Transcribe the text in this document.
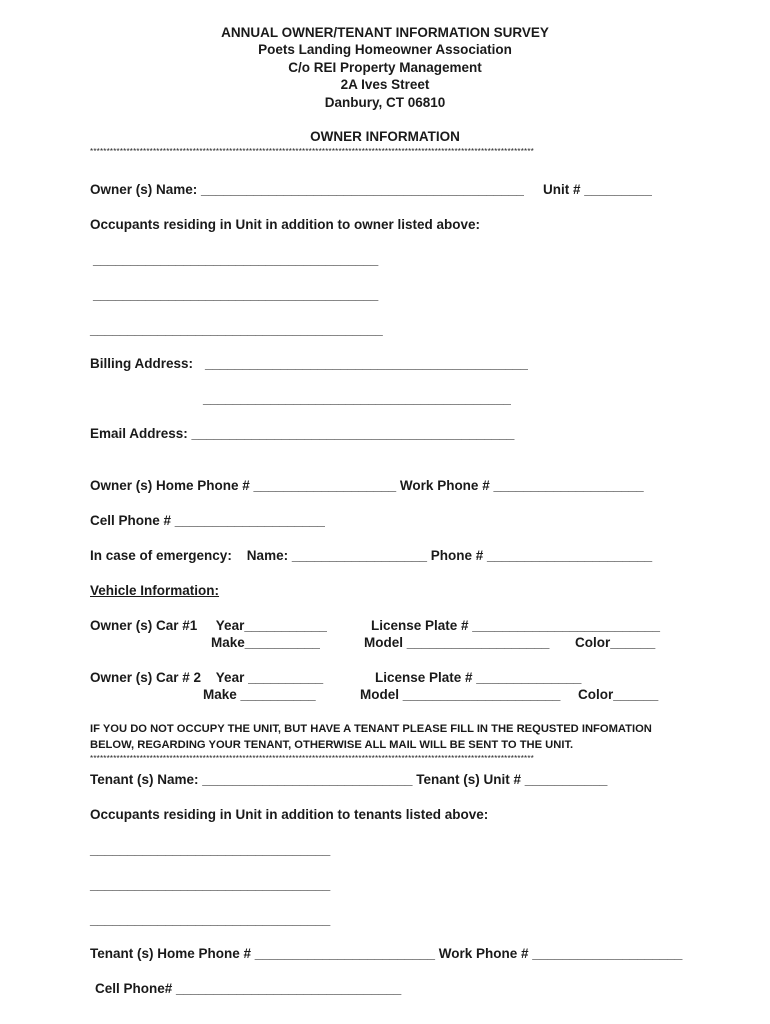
ANNUAL OWNER/TENANT INFORMATION SURVEY
Poets Landing Homeowner Association
C/o REI Property Management
2A Ives Street
Danbury, CT 06810
OWNER INFORMATION
**************************************************************************************************************************************
Owner (s) Name: ___________________________________________ Unit # _________
Occupants residing in Unit in addition to owner listed above:
______________________________________
______________________________________
_______________________________________
Billing Address: ___________________________________________
_________________________________________
Email Address: ___________________________________________
Owner (s) Home Phone # ___________________ Work Phone # ____________________
Cell Phone # ____________________
In case of emergency:    Name: __________________ Phone # ______________________
Vehicle Information:
Owner (s) Car #1     Year___________	License Plate # _________________________
Make__________	Model ___________________ Color______
Owner (s) Car # 2    Year __________	License Plate # ______________
Make __________	Model _____________________ Color______
IF YOU DO NOT OCCUPY THE UNIT, BUT HAVE A TENANT PLEASE FILL IN THE REQUSTED INFOMATION
BELOW, REGARDING YOUR TENANT, OTHERWISE ALL MAIL WILL BE SENT TO THE UNIT.
**************************************************************************************************************************************
Tenant (s) Name: ____________________________ Tenant (s) Unit # ___________
Occupants residing in Unit in addition to tenants listed above:
________________________________
________________________________
________________________________
Tenant (s) Home Phone # ________________________ Work Phone # ____________________
Cell Phone# ______________________________
